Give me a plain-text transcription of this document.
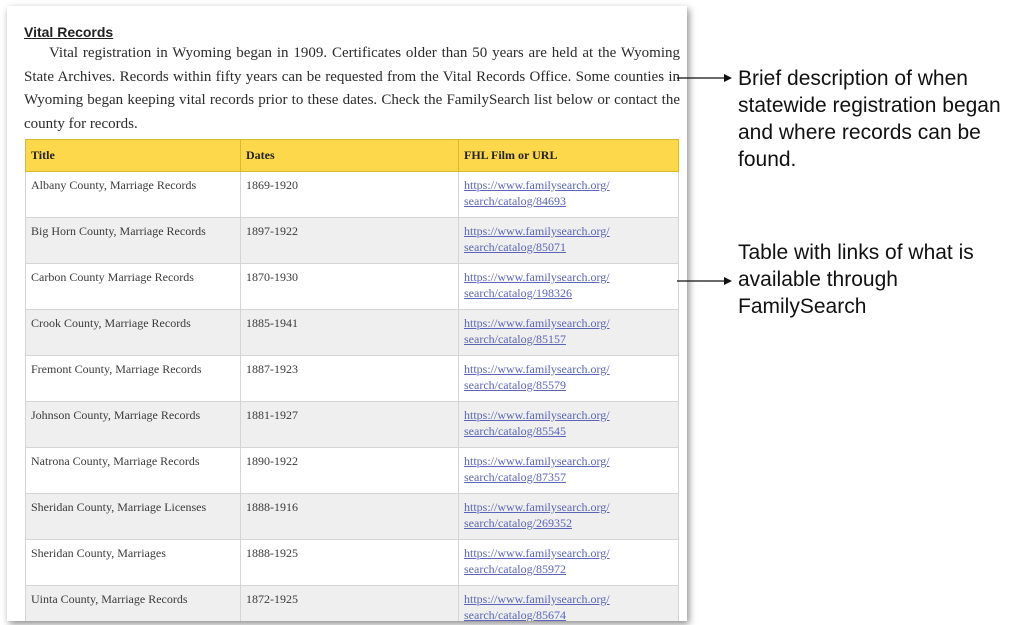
Vital Records
Vital registration in Wyoming began in 1909. Certificates older than 50 years are held at the Wyoming State Archives. Records within fifty years can be requested from the Vital Records Office. Some counties in Wyoming began keeping vital records prior to these dates. Check the FamilySearch list below or contact the county for records.
Title	Dates	FHL Film or URL
Albany County, Marriage Records	1869-1920	https://www.familysearch.org/
search/catalog/84693

Big Horn County, Marriage Records	1897-1922	https://www.familysearch.org/
search/catalog/85071

Carbon County Marriage Records	1870-1930	https://www.familysearch.org/
search/catalog/198326

Crook County, Marriage Records	1885-1941	https://www.familysearch.org/
search/catalog/85157

Fremont County, Marriage Records	1887-1923	https://www.familysearch.org/
search/catalog/85579

Johnson County, Marriage Records	1881-1927	https://www.familysearch.org/
search/catalog/85545

Natrona County, Marriage Records	1890-1922	https://www.familysearch.org/
search/catalog/87357

Sheridan County, Marriage Licenses	1888-1916	https://www.familysearch.org/
search/catalog/269352

Sheridan County, Marriages	1888-1925	https://www.familysearch.org/
search/catalog/85972

Uinta County, Marriage Records	1872-1925	https://www.familysearch.org/
search/catalog/85674
Brief description of when statewide registration began and where records can be found.
Table with links of what is available through FamilySearch
